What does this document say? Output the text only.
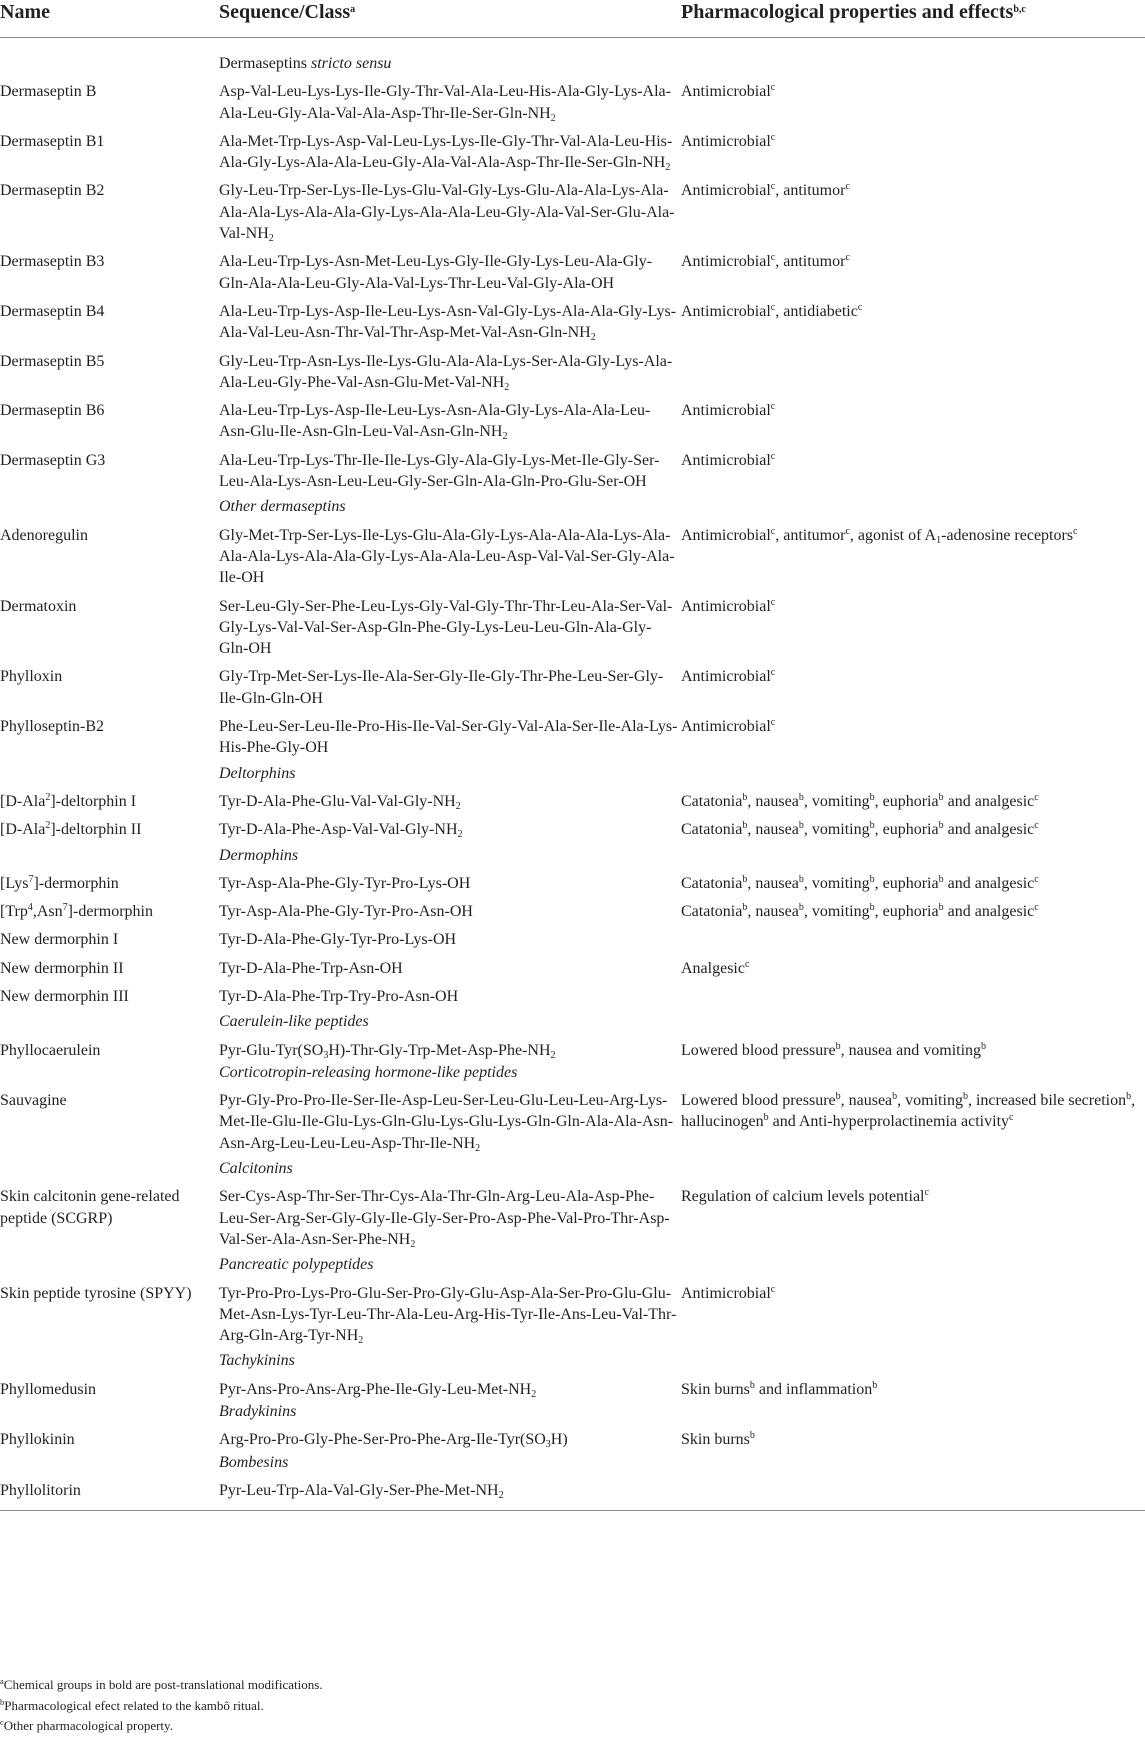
Name	Sequence/Class$^a$	Pharmacological properties and effects$^{b,c}$

	Dermaseptins stricto sensu	
Dermaseptin B	Asp-$Val-Leu-Lys-Lys-Ile-Gly-Thr-Val-Ala-Leu-His-Ala-Gly-Lys-Ala-Ala-Leu-Gly-Ala-Val-Ala-Asp-Thr-Ile-Ser-Gln-NH_2$	Antimicrobial$^c$
Dermaseptin B1	Ala-Met-Trp-Lys-Asp-Val-Leu-Lys-Lys-Ile-Gly-Thr-Val-Ala-Leu-His-Ala-Gly-Lys-Ala-Ala-Leu-Gly-Ala-Val-Ala-Asp-Thr-Ile-Ser-Gln-$NH_2$	Antimicrobial$^c$
Dermaseptin B2	Gly-Leu-Trp-Ser-Lys-Ile-Lys-Glu-Val-Gly-Lys-Glu-Ala-Ala-Lys-Ala-Ala-Ala-Lys-Ala-Ala-Gly-Lys-Ala-Ala-Leu-Gly-Ala-Val-Ser-Glu-$Ala-Val-NH_2$	Antimicrobial$^c$, antitumor$^c$
Dermaseptin B3	Ala-Leu-Trp-Lys-Asn-Met-Leu-Lys-Gly-Ile-Gly-Lys-Leu-Ala-Gly-Gln-Ala-Ala-Leu-Gly-Ala-Val-Lys-Thr-Leu-Val-Gly-Ala-OH	Antimicrobial$^c$, antitumor$^c$
Dermaseptin B4	Ala-$Leu-Trp-Lys-Asp-Ile-Leu-Lys-Asn-Val-Gly-Lys-Ala-Ala-Gly-Lys-Ala-Val-Leu-Asn-Thr-Val-Thr-Asp-Met-Val-Asn-Gln-NH_2$	Antimicrobial$^c$, antidiabetic$^c$
Dermaseptin B5	Gly-$Leu-Trp-Asn-Lys-Ile-Lys-Glu-Ala-Ala-Lys-Ser-Ala-Gly-Lys-Ala-Ala-Leu-Gly-Phe-Val-Asn-Glu-Met-Val-NH_2$	
Dermaseptin B6	Ala-$Leu-Trp-Lys-Asp-Ile-Leu-Lys-Asn-Ala-Gly-Lys-Ala-Ala-Leu-Asn-Glu-Ile-Asn-Gln-Leu-Val-Asn-Gln-NH_2$	Antimicrobial$^c$
Dermaseptin G3	Ala-Leu-Trp-Lys-Thr-Ile-Ile-Lys-Gly-Ala-Gly-Lys-Met-Ile-Gly-Ser-Leu-Ala-Lys-Asn-Leu-Leu-Gly-Ser-Gln-Ala-Gln-Pro-Glu-Ser-OH	Antimicrobial$^c$
	Other dermaseptins	
Adenoregulin	Gly-Met-Trp-Ser-Lys-Ile-Lys-Glu-Ala-Gly-Lys-Ala-Ala-Ala-Lys-Ala-Ala-Ala-Lys-Ala-Ala-Gly-Lys-Ala-Ala-Leu-Asp-Val-Val-Ser-Gly-Ala-Ile-OH	Antimicrobial$^c$, antitumor$^c$, agonist of $A_1$-adenosine receptors$^c$
Dermatoxin	Ser-Leu-Gly-Ser-Phe-Leu-Lys-Gly-Val-Gly-Thr-Thr-Leu-Ala-Ser-Val-Gly-Lys-Val-Val-Ser-Asp-Gln-Phe-Gly-Lys-Leu-Leu-Gln-Ala-Gly-Gln-OH	Antimicrobial$^c$
Phylloxin	Gly-Trp-Met-Ser-Lys-Ile-Ala-Ser-Gly-Ile-Gly-Thr-Phe-Leu-Ser-Gly-Ile-Gln-Gln-OH	Antimicrobial$^c$
Phylloseptin-B2	Phe-Leu-Ser-Leu-Ile-Pro-His-Ile-Val-Ser-Gly-Val-Ala-Ser-Ile-Ala-Lys-His-Phe-Gly-OH	Antimicrobial$^c$
	Deltorphins	
[D-Ala$^2$]-deltorphin I	Tyr-$D-Ala-Phe-Glu-Val-Val-Gly-NH_2$	Catatonia$^b$, nausea$^b$, vomiting$^b$, euphoria$^b$ and analgesic$^c$
[D-Ala$^2$]-deltorphin II	Tyr-$D-Ala-Phe-Asp-Val-Val-Gly-NH_2$	Catatonia$^b$, nausea$^b$, vomiting$^b$, euphoria$^b$ and analgesic$^c$
	Dermophins	
[Lys$^7$]-dermorphin	Tyr-Asp-Ala-Phe-Gly-Tyr-Pro-Lys-OH	Catatonia$^b$, nausea$^b$, vomiting$^b$, euphoria$^b$ and analgesic$^c$
[Trp$^4$,Asn$^7$]-dermorphin	Tyr-Asp-Ala-Phe-Gly-Tyr-Pro-Asn-OH	Catatonia$^b$, nausea$^b$, vomiting$^b$, euphoria$^b$ and analgesic$^c$
New dermorphin I	Tyr-D-Ala-Phe-Gly-Tyr-Pro-Lys-OH	
New dermorphin II	Tyr-D-Ala-Phe-Trp-Asn-OH	Analgesic$^c$
New dermorphin III	Tyr-D-Ala-Phe-Trp-Try-Pro-Asn-OH	
	Caerulein-like peptides	
Phyllocaerulein	Pyr-$Glu-Tyr(SO_3H)-Thr-Gly-Trp-Met-Asp-Phe-NH_2$	Lowered blood pressure$^b$, nausea and vomiting$^b$
	Corticotropin-releasing hormone-like peptides	
Sauvagine	Pyr-Gly-Pro-Pro-Ile-Ser-Ile-Asp-Leu-Ser-Leu-Glu-Leu-Leu-Arg-Lys-Met-Ile-Glu-Ile-Glu-Lys-Gln-Glu-Lys-Glu-Lys-Gln-Gln-Ala-Ala-$Asn-Asn-Arg-Leu-Leu-Leu-Asp-Thr-Ile-NH_2$	Lowered blood pressure$^b$, nausea$^b$, vomiting$^b$, increased bile secretion$^b$, hallucinogen$^b$ and Anti-hyperprolactinemia activity$^c$
	Calcitonins	
Skin calcitonin gene-related peptide (SCGRP)	Ser-Cys-Asp-Thr-Ser-Thr-Cys-Ala-Thr-Gln-Arg-Leu-Ala-Asp-Phe-Leu-Ser-Arg-Ser-Gly-Gly-Ile-Gly-Ser-Pro-Asp-Phe-Val-Pro-Thr-Asp-$Val-Ser-Ala-Asn-Ser-Phe-NH_2$	Regulation of calcium levels potential$^c$
	Pancreatic polypeptides	
Skin peptide tyrosine (SPYY)	Tyr-Pro-Pro-Lys-Pro-Glu-Ser-Pro-Gly-Glu-Asp-Ala-Ser-Pro-Glu-Glu-Met-Asn-Lys-Tyr-Leu-Thr-Ala-Leu-Arg-His-Tyr-Ile-Ans-Leu-Val-$Thr-Arg-Gln-Arg-Tyr-NH_2$	Antimicrobial$^c$
	Tachykinins	
Phyllomedusin	Pyr-$Ans-Pro-Ans-Arg-Phe-Ile-Gly-Leu-Met-NH_2$	Skin burns$^b$ and inflammation$^b$
	Bradykinins	
Phyllokinin	Arg-$Pro-Pro-Gly-Phe-Ser-Pro-Phe-Arg-Ile-Tyr(SO_3H)$	Skin burns$^b$
	Bombesins	
Phyllolitorin	Pyr-$Leu-Trp-Ala-Val-Gly-Ser-Phe-Met-NH_2$	
$^a$Chemical groups in bold are post-translational modifications.
$^b$Pharmacological efect related to the kambô ritual.
$^c$Other pharmacological property.
